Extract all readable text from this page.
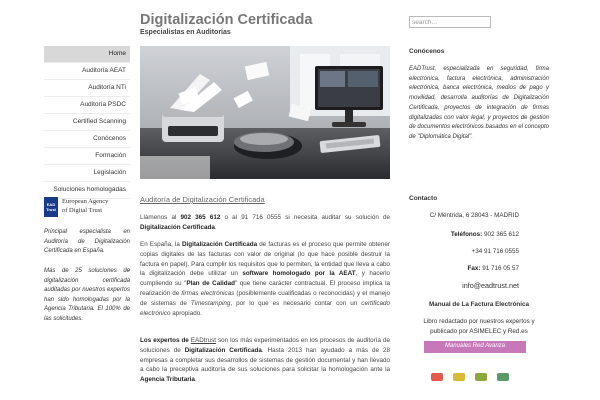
Digitalización Certificada
Especialistas en Auditorías
search...
Home
Auditoría AEAT
Auditoría NTi
Auditoría PSDC
Certified Scanning
Conócenos
Formación
Legislación
Soluciones homologadas
EAD Trust
European Agency
of Digital Trust
Principal especialista en Auditoría de Digitalización Certificada en España.
Más de 25 soluciones de digitalización certificada auditadas por nuestros expertos han sido homologadas por la Agencia Tributaria. El 100% de las solicitudes.
Auditoría de Digitalización Certificada

Llámenos al 902 365 612 o al 91 716 0555 si necesita auditar su solución de Digitalización Certificada.

En España, la Digitalización Certificada de facturas es el proceso que permite obtener copias digitales de las facturas con valor de original (lo que hace posible destruir la factura en papel). Para cumplir los requisitos que lo permiten, la entidad que lleva a cabo la digitalización debe utilizar un software homologado por la AEAT, y hacerlo cumpliendo su "Plan de Calidad" que tiene carácter contractual. El proceso implica la realización de firmas electrónicas (posiblemente cualificadas o reconocidas) y el manejo de sistemas de Timestamping, por lo que es necesario contar con un certificado electrónico apropiado.

Los expertos de EADtrust son los más experimentados en los procesos de auditoría de soluciones de Digitalización Certificada. Hasta 2013 han ayudado a más de 28 empresas a completar sus desarrollos de sistemas de gestión documental y han llevado a cabo la preceptiva auditoría de sus soluciones para solicitar la homologación ante la Agencia Tributaria.

Conócenos
EADTrust, especializada en seguridad, firma electrónica, factura electrónica, administración electrónica, banca electrónica, medios de pago y movilidad, desarrolla auditorías de Digitalización Certificada, proyectos de integración de firmas digitalizadas con valor legal, y proyectos de gestión de documentos electrónicos basados en el concepto de "Diplomática Digital".
Contacto
C/ Méntrida, 6 28043 - MADRID
Teléfonos: 902 365 612
+34 91 716 0555
Fax: 91 716 05 57
info@eadtrust.net
Manual de La Factura Electrónica
Libro redactado por nuestros expertos y
publicado por ASIMELEC y Red.es
Manuales Red Avanza
